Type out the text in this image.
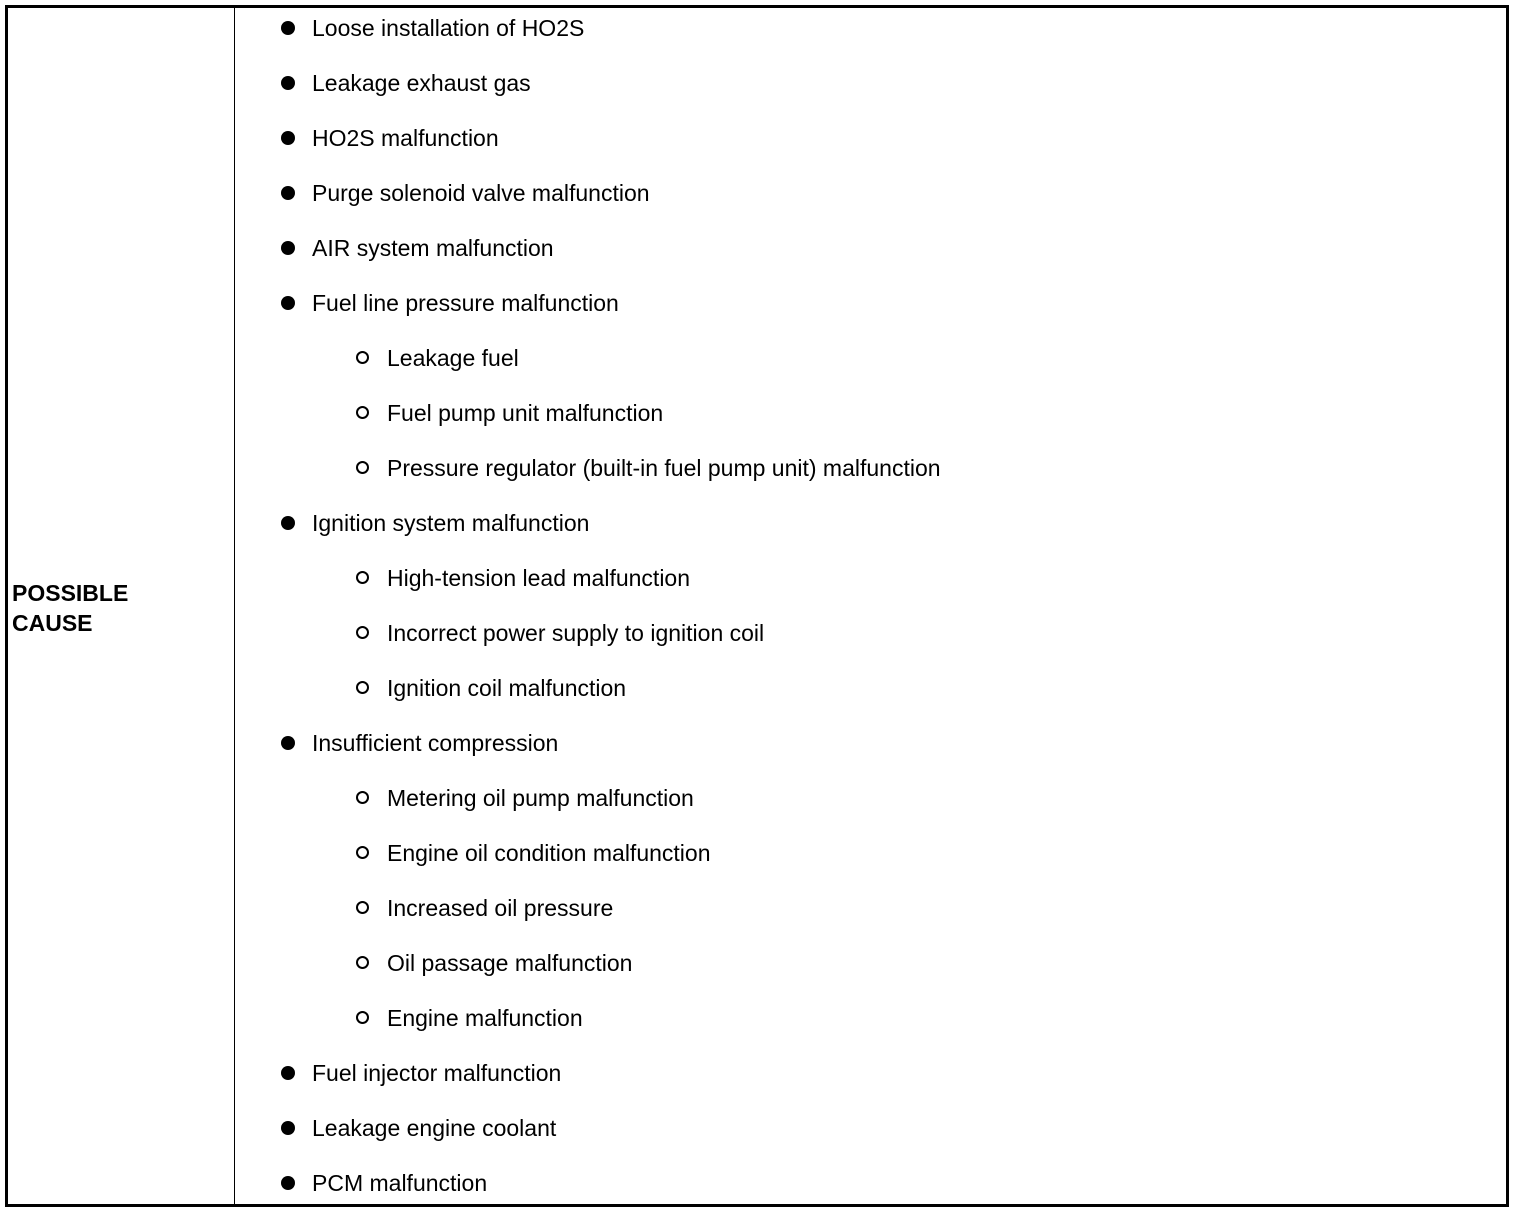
POSSIBLE
CAUSE

Loose installation of HO2S
Leakage exhaust gas
HO2S malfunction
Purge solenoid valve malfunction
AIR system malfunction
Fuel line pressure malfunction
Leakage fuel
Fuel pump unit malfunction
Pressure regulator (built-in fuel pump unit) malfunction
Ignition system malfunction
High-tension lead malfunction
Incorrect power supply to ignition coil
Ignition coil malfunction
Insufficient compression
Metering oil pump malfunction
Engine oil condition malfunction
Increased oil pressure
Oil passage malfunction
Engine malfunction
Fuel injector malfunction
Leakage engine coolant
PCM malfunction
